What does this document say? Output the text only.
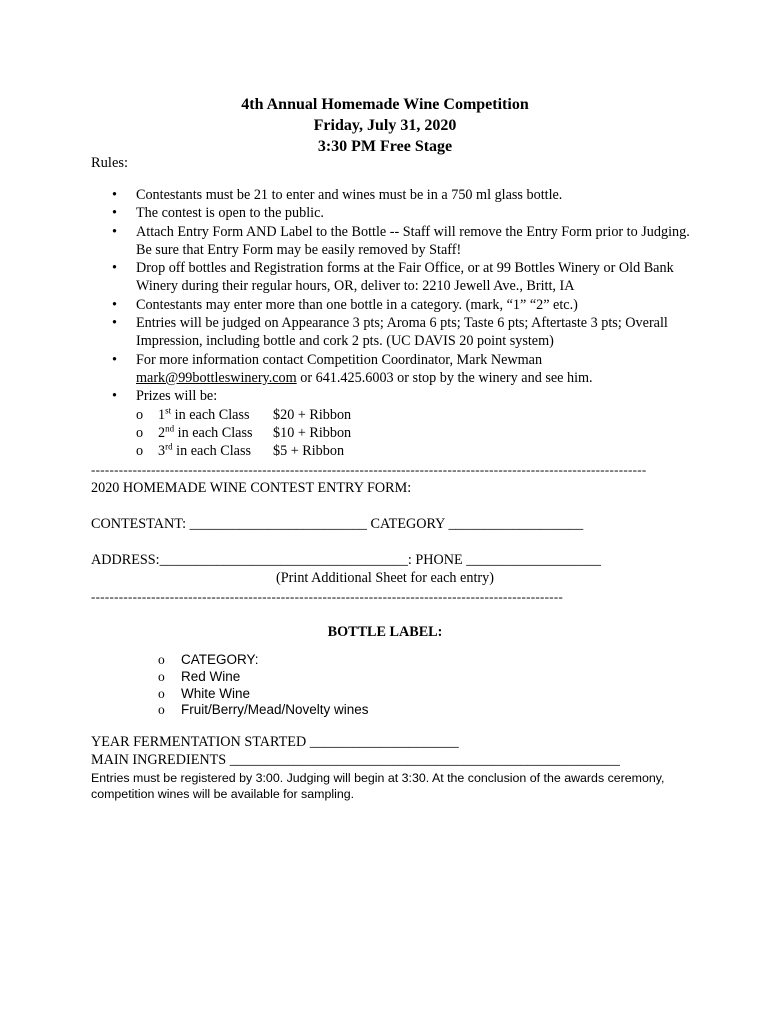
4th Annual Homemade Wine Competition
Friday, July 31, 2020
3:30 PM Free Stage
Rules:
• Contestants must be 21 to enter and wines must be in a 750 ml glass bottle.
• The contest is open to the public.
• Attach Entry Form AND Label to the Bottle -- Staff will remove the Entry Form prior to Judging. Be sure that Entry Form may be easily removed by Staff!
• Drop off bottles and Registration forms at the Fair Office, or at 99 Bottles Winery or Old Bank Winery during their regular hours, OR, deliver to: 2210 Jewell Ave., Britt, IA
• Contestants may enter more than one bottle in a category. (mark, “1” “2” etc.)
• Entries will be judged on Appearance 3 pts; Aroma 6 pts; Taste 6 pts; Aftertaste 3 pts; Overall Impression, including bottle and cork 2 pts. (UC DAVIS 20 point system)
• For more information contact Competition Coordinator, Mark Newman
mark@99bottleswinery.com or 641.425.6003 or stop by the winery and see him.
• Prizes will be:
o 1st in each Class $20 + Ribbon
o 2nd in each Class $10 + Ribbon
o 3rd in each Class $5 + Ribbon
------------------------------------------------------------------------------------------------------------------------
2020 HOMEMADE WINE CONTEST ENTRY FORM:
CONTESTANT: _________________________ CATEGORY ___________________
ADDRESS:___________________________________: PHONE ___________________
(Print Additional Sheet for each entry)
------------------------------------------------------------------------------------------------------
BOTTLE LABEL:
o CATEGORY:
o Red Wine
o White Wine
o Fruit/Berry/Mead/Novelty wines
YEAR FERMENTATION STARTED _____________________
MAIN INGREDIENTS _______________________________________________________
Entries must be registered by 3:00. Judging will begin at 3:30. At the conclusion of the awards ceremony, competition wines will be available for sampling.
